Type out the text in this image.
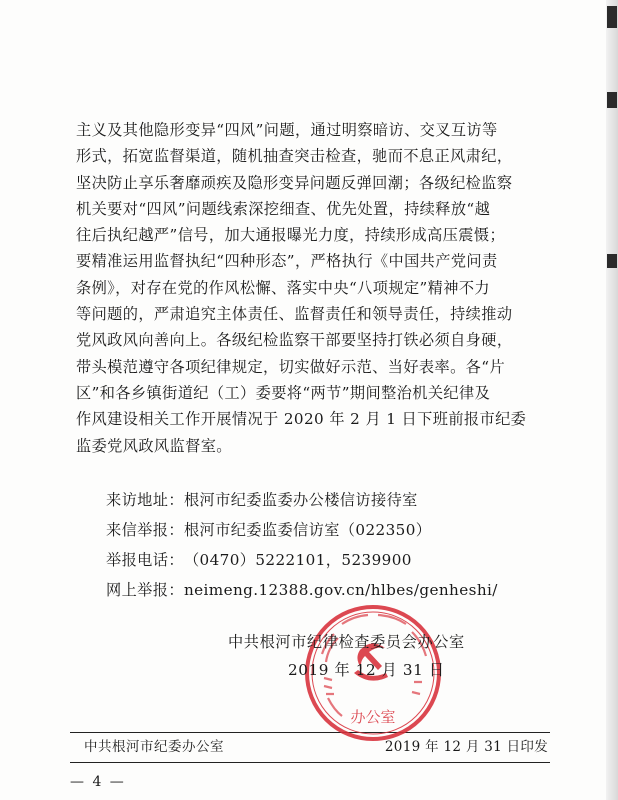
主义及其他隐形变异“四风”问题，通过明察暗访、交叉互访等
形式，拓宽监督渠道，随机抽查突击检查，驰而不息正风肃纪，
坚决防止享乐奢靡顽疾及隐形变异问题反弹回潮；各级纪检监察
机关要对“四风”问题线索深挖细查、优先处置，持续释放“越
往后执纪越严”信号，加大通报曝光力度，持续形成高压震慑；
要精准运用监督执纪“四种形态”，严格执行《中国共产党问责
条例》，对存在党的作风松懈、落实中央“八项规定”精神不力
等问题的，严肃追究主体责任、监督责任和领导责任，持续推动
党风政风向善向上。各级纪检监察干部要坚持打铁必须自身硬，
带头模范遵守各项纪律规定，切实做好示范、当好表率。各“片
区”和各乡镇街道纪（工）委要将“两节”期间整治机关纪律及
作风建设相关工作开展情况于 2020 年 2 月 1 日下班前报市纪委
监委党风政风监督室。
来访地址： 根河市纪委监委办公楼信访接待室
来信举报： 根河市纪委监委信访室（022350）
举报电话： （0470）5222101，5239900
网上举报： neimeng.12388.gov.cn/hlbes/genheshi/
办公室
中共根河市纪律检查委员会办公室
2019 年 12 月 31 日
中共根河市纪委办公室	2019 年 12 月 31 日印发
— 4 —
